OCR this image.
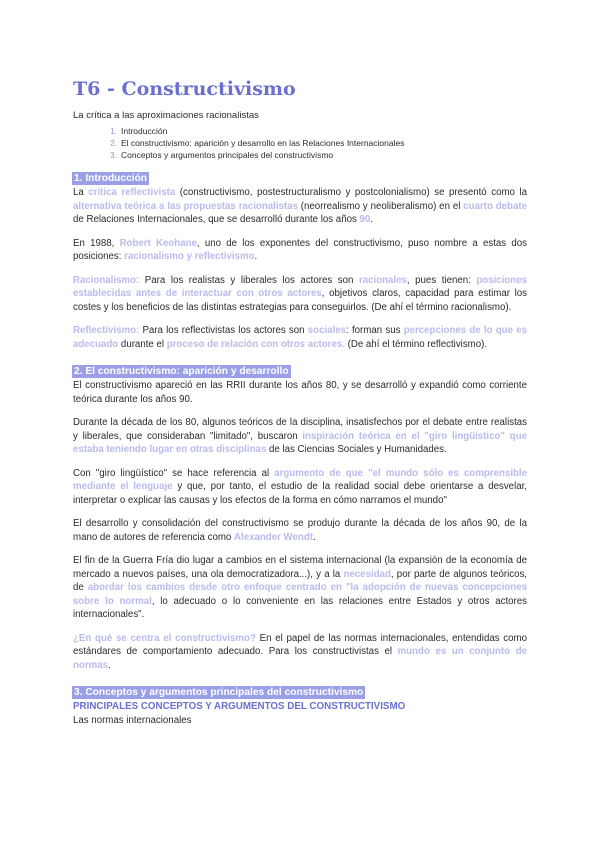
T6 - Constructivismo
La crítica a las aproximaciones racionalistas
1. Introducción
2. El constructivismo: aparición y desarrollo en las Relaciones Internacionales
3. Conceptos y argumentos principales del constructivismo
1. Introducción

La crítica reflectivista (constructivismo, postestructuralismo y postcolonialismo) se presentó como la alternativa teórica a las propuestas racionalistas (neorrealismo y neoliberalismo) en el cuarto debate de Relaciones Internacionales, que se desarrolló durante los años 90.

En 1988, Robert Keohane, uno de los exponentes del constructivismo, puso nombre a estas dos posiciones: racionalismo y reflectivismo.

Racionalismo: Para los realistas y liberales los actores son racionales, pues tienen: posiciones establecidas antes de interactuar con otros actores, objetivos claros, capacidad para estimar los costes y los beneficios de las distintas estrategias para conseguirlos. (De ahí el término racionalismo).

Reflectivismo: Para los reflectivistas los actores son sociales: forman sus percepciones de lo que es adecuado durante el proceso de relación con otros actores. (De ahí el término reflectivismo).

2. El constructivismo: aparición y desarrollo

El constructivismo apareció en las RRII durante los años 80, y se desarrolló y expandió como corriente teórica durante los años 90.

Durante la década de los 80, algunos teóricos de la disciplina, insatisfechos por el debate entre realistas y liberales, que consideraban "limitado", buscaron inspiración teórica en el "giro lingüístico" que estaba teniendo lugar en otras disciplinas de las Ciencias Sociales y Humanidades.

Con "giro lingüístico" se hace referencia al argumento de que "el mundo sólo es comprensible mediante el lenguaje y que, por tanto, el estudio de la realidad social debe orientarse a desvelar, interpretar o explicar las causas y los efectos de la forma en cómo narramos el mundo"

El desarrollo y consolidación del constructivismo se produjo durante la década de los años 90, de la mano de autores de referencia como Alexander Wendt.

El fin de la Guerra Fría dio lugar a cambios en el sistema internacional (la expansión de la economía de mercado a nuevos países, una ola democratizadora...), y a la necesidad, por parte de algunos teóricos, de abordar los cambios desde otro enfoque centrado en "la adopción de nuevas concepciones sobre lo normal, lo adecuado o lo conveniente en las relaciones entre Estados y otros actores internacionales".

¿En qué se centra el constructivismo? En el papel de las normas internacionales, entendidas como estándares de comportamiento adecuado. Para los constructivistas el mundo es un conjunto de normas.

3. Conceptos y argumentos principales del constructivismo
PRINCIPALES CONCEPTOS Y ARGUMENTOS DEL CONSTRUCTIVISMO
Las normas internacionales
